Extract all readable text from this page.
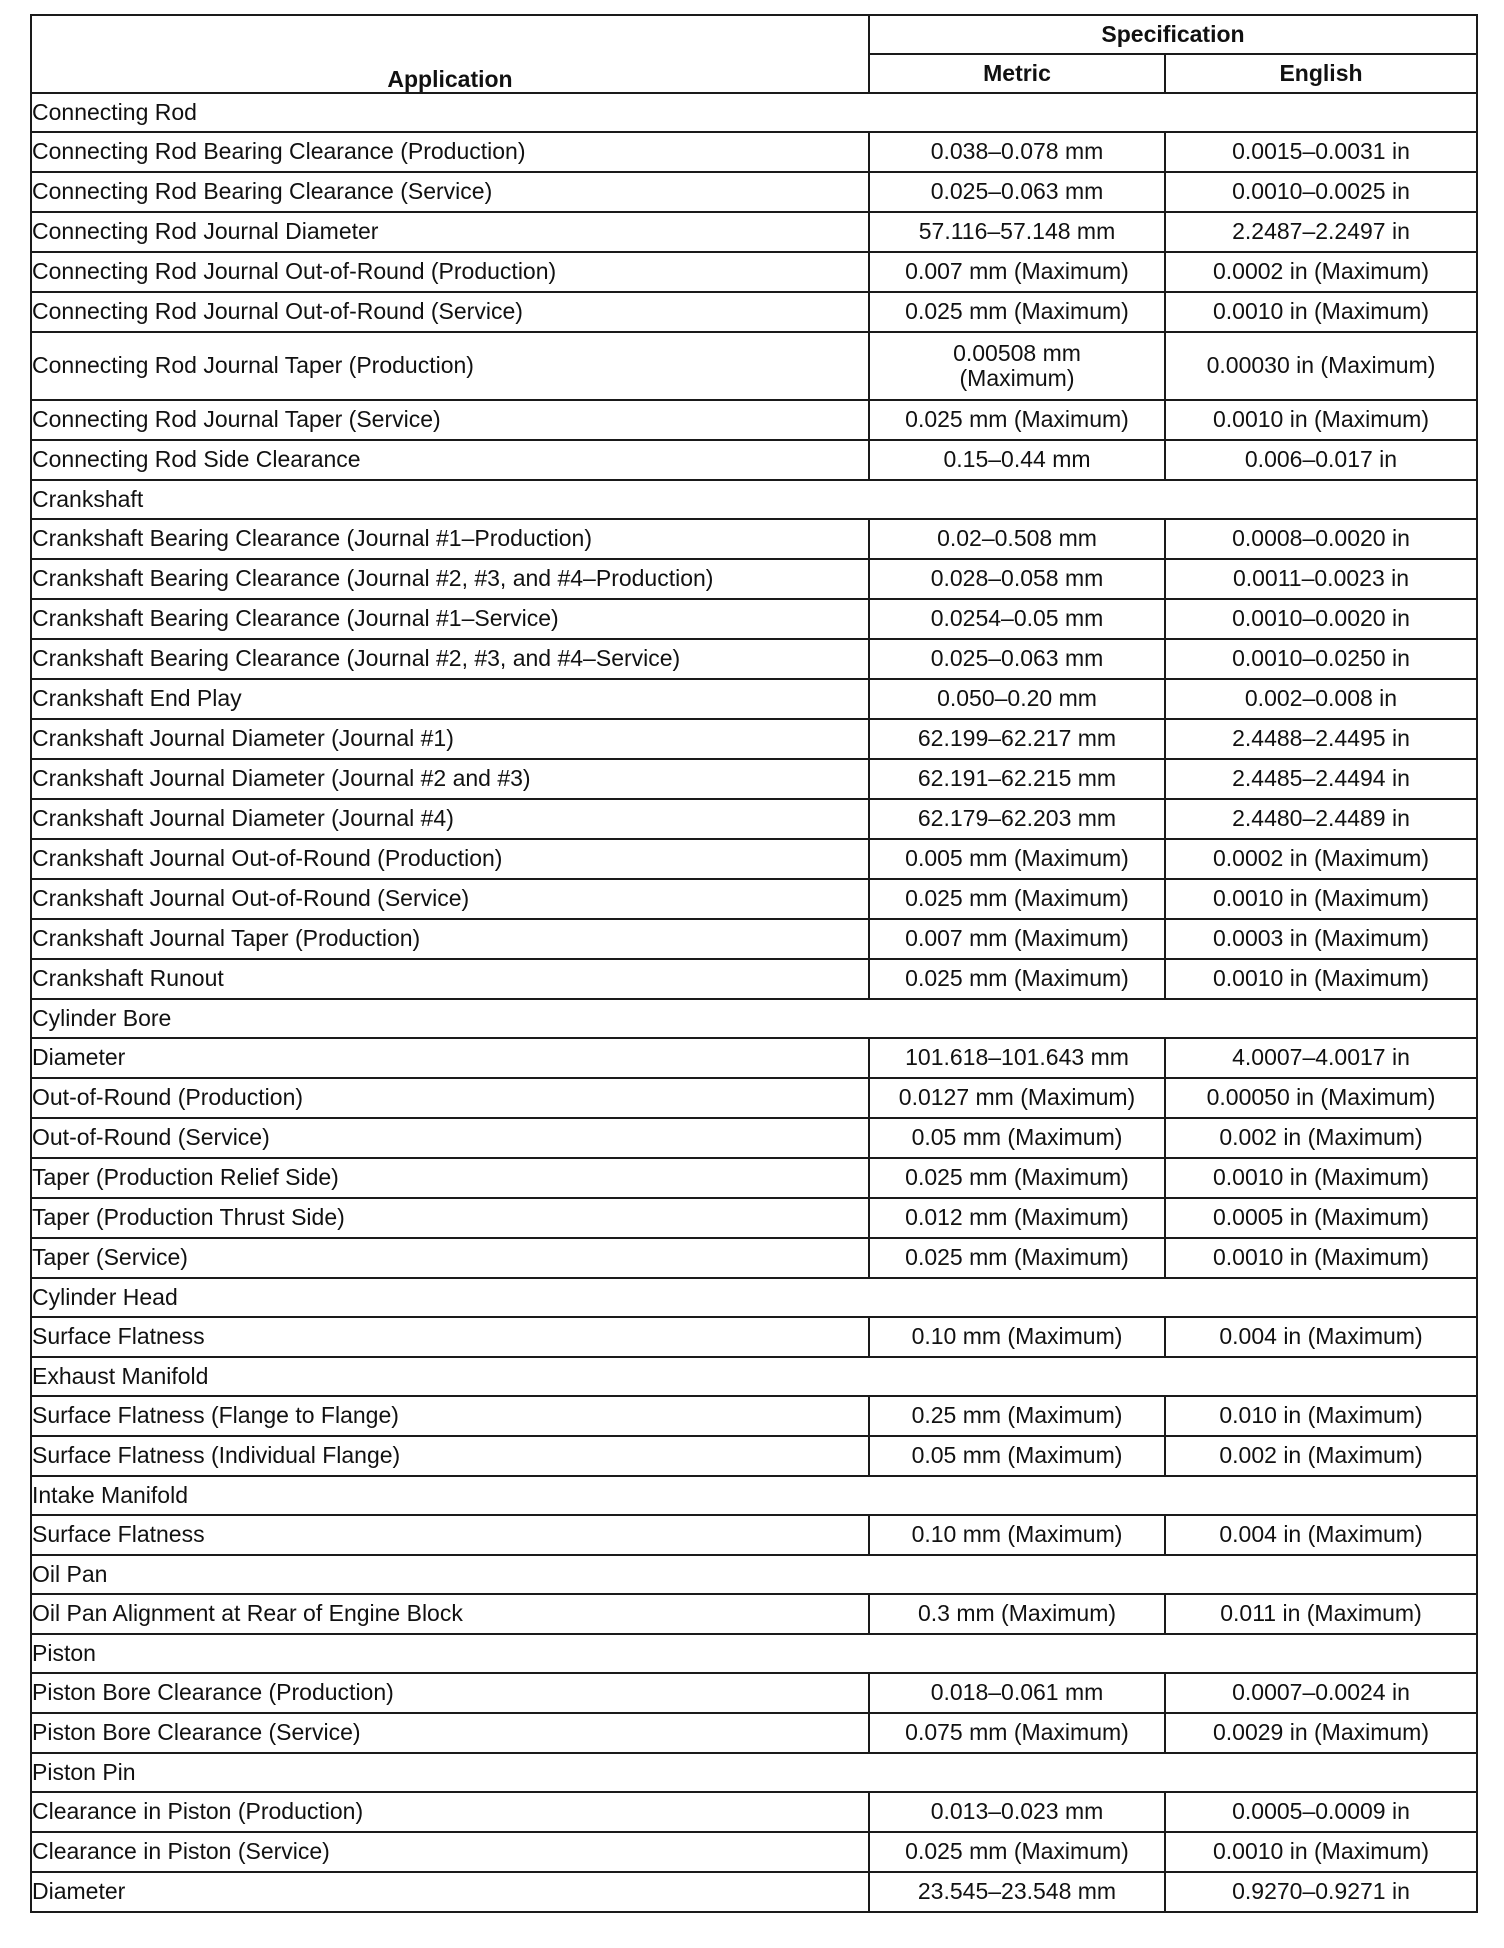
Application	Specification	
	Metric	English
Connecting Rod		
Connecting Rod Bearing Clearance (Production)	0.038–0.078 mm	0.0015–0.0031 in
Connecting Rod Bearing Clearance (Service)	0.025–0.063 mm	0.0010–0.0025 in
Connecting Rod Journal Diameter	57.116–57.148 mm	2.2487–2.2497 in
Connecting Rod Journal Out-of-Round (Production)	0.007 mm (Maximum)	0.0002 in (Maximum)
Connecting Rod Journal Out-of-Round (Service)	0.025 mm (Maximum)	0.0010 in (Maximum)
Connecting Rod Journal Taper (Production)	0.00508 mm (Maximum)	0.00030 in (Maximum)
Connecting Rod Journal Taper (Service)	0.025 mm (Maximum)	0.0010 in (Maximum)
Connecting Rod Side Clearance	0.15–0.44 mm	0.006–0.017 in
Crankshaft		
Crankshaft Bearing Clearance (Journal #1–Production)	0.02–0.508 mm	0.0008–0.0020 in
Crankshaft Bearing Clearance (Journal #2, #3, and #4–Production)	0.028–0.058 mm	0.0011–0.0023 in
Crankshaft Bearing Clearance (Journal #1–Service)	0.0254–0.05 mm	0.0010–0.0020 in
Crankshaft Bearing Clearance (Journal #2, #3, and #4–Service)	0.025–0.063 mm	0.0010–0.0250 in
Crankshaft End Play	0.050–0.20 mm	0.002–0.008 in
Crankshaft Journal Diameter (Journal #1)	62.199–62.217 mm	2.4488–2.4495 in
Crankshaft Journal Diameter (Journal #2 and #3)	62.191–62.215 mm	2.4485–2.4494 in
Crankshaft Journal Diameter (Journal #4)	62.179–62.203 mm	2.4480–2.4489 in
Crankshaft Journal Out-of-Round (Production)	0.005 mm (Maximum)	0.0002 in (Maximum)
Crankshaft Journal Out-of-Round (Service)	0.025 mm (Maximum)	0.0010 in (Maximum)
Crankshaft Journal Taper (Production)	0.007 mm (Maximum)	0.0003 in (Maximum)
Crankshaft Runout	0.025 mm (Maximum)	0.0010 in (Maximum)
Cylinder Bore		
Diameter	101.618–101.643 mm	4.0007–4.0017 in
Out-of-Round (Production)	0.0127 mm (Maximum)	0.00050 in (Maximum)
Out-of-Round (Service)	0.05 mm (Maximum)	0.002 in (Maximum)
Taper (Production Relief Side)	0.025 mm (Maximum)	0.0010 in (Maximum)
Taper (Production Thrust Side)	0.012 mm (Maximum)	0.0005 in (Maximum)
Taper (Service)	0.025 mm (Maximum)	0.0010 in (Maximum)
Cylinder Head		
Surface Flatness	0.10 mm (Maximum)	0.004 in (Maximum)
Exhaust Manifold		
Surface Flatness (Flange to Flange)	0.25 mm (Maximum)	0.010 in (Maximum)
Surface Flatness (Individual Flange)	0.05 mm (Maximum)	0.002 in (Maximum)
Intake Manifold		
Surface Flatness	0.10 mm (Maximum)	0.004 in (Maximum)
Oil Pan		
Oil Pan Alignment at Rear of Engine Block	0.3 mm (Maximum)	0.011 in (Maximum)
Piston		
Piston Bore Clearance (Production)	0.018–0.061 mm	0.0007–0.0024 in
Piston Bore Clearance (Service)	0.075 mm (Maximum)	0.0029 in (Maximum)
Piston Pin		
Clearance in Piston (Production)	0.013–0.023 mm	0.0005–0.0009 in
Clearance in Piston (Service)	0.025 mm (Maximum)	0.0010 in (Maximum)
Diameter	23.545–23.548 mm	0.9270–0.9271 in
